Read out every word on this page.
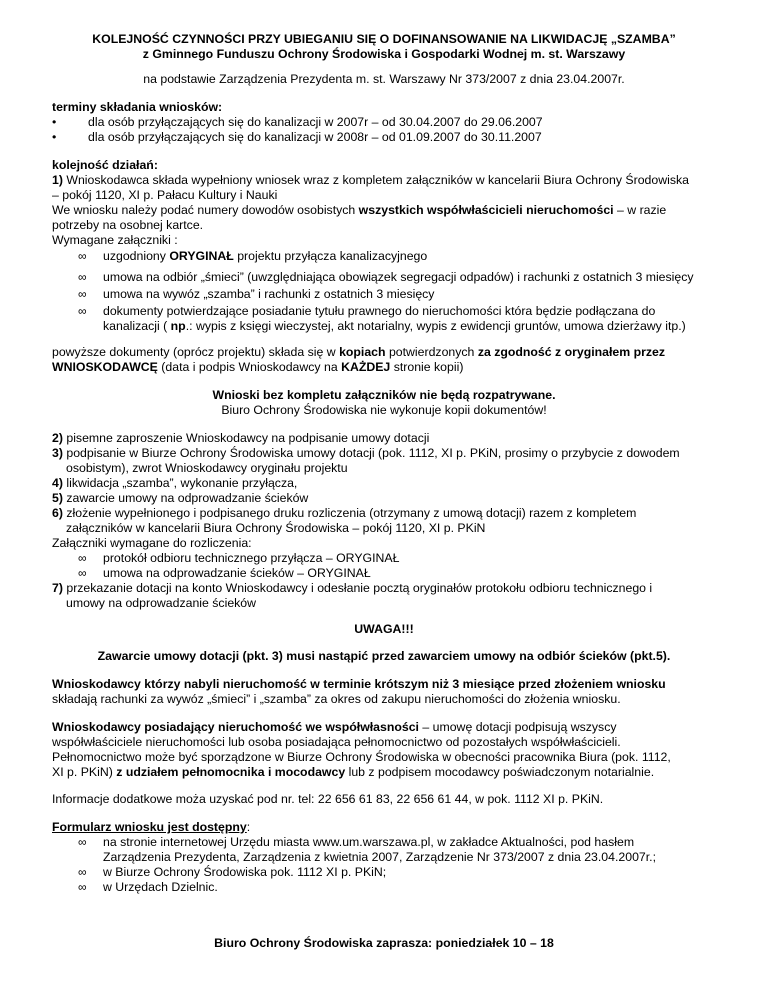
KOLEJNOŚĆ CZYNNOŚCI PRZY UBIEGANIU SIĘ O DOFINANSOWANIE NA LIKWIDACJĘ „SZAMBA”
z Gminnego Funduszu Ochrony Środowiska i Gospodarki Wodnej m. st. Warszawy
na podstawie Zarządzenia Prezydenta m. st. Warszawy Nr 373/2007 z dnia 23.04.2007r.
terminy składania wniosków:
•	dla osób przyłączających się do kanalizacji w 2007r – od 30.04.2007 do 29.06.2007
•	dla osób przyłączających się do kanalizacji w 2008r – od 01.09.2007 do 30.11.2007
kolejność działań:
1) Wnioskodawca składa wypełniony wniosek wraz z kompletem załączników w kancelarii Biura Ochrony Środowiska
– pokój 1120, XI p. Pałacu Kultury i Nauki
We wniosku należy podać numery dowodów osobistych wszystkich współwłaścicieli nieruchomości – w razie
potrzeby na osobnej kartce.
Wymagane załączniki :
∞	uzgodniony ORYGINAŁ projektu przyłącza kanalizacyjnego
∞	umowa na odbiór „śmieci” (uwzględniająca obowiązek segregacji odpadów) i rachunki z ostatnich 3 miesięcy
∞	umowa na wywóz „szamba” i rachunki z ostatnich 3 miesięcy
∞	dokumenty potwierdzające posiadanie tytułu prawnego do nieruchomości która będzie podłączana do
kanalizacji ( np.: wypis z księgi wieczystej, akt notarialny, wypis z ewidencji gruntów, umowa dzierżawy itp.)
powyższe dokumenty (oprócz projektu) składa się w kopiach potwierdzonych za zgodność z oryginałem przez
WNIOSKODAWCĘ (data i podpis Wnioskodawcy na KAŻDEJ stronie kopii)
Wnioski bez kompletu załączników nie będą rozpatrywane.
Biuro Ochrony Środowiska nie wykonuje kopii dokumentów!
2) pisemne zaproszenie Wnioskodawcy na podpisanie umowy dotacji
3) podpisanie w Biurze Ochrony Środowiska umowy dotacji (pok. 1112, XI p. PKiN, prosimy o przybycie z dowodem
osobistym), zwrot Wnioskodawcy oryginału projektu
4) likwidacja „szamba”, wykonanie przyłącza,
5) zawarcie umowy na odprowadzanie ścieków
6) złożenie wypełnionego i podpisanego druku rozliczenia (otrzymany z umową dotacji) razem z kompletem
załączników w kancelarii Biura Ochrony Środowiska – pokój 1120, XI p. PKiN
Załączniki wymagane do rozliczenia:
∞	protokół odbioru technicznego przyłącza – ORYGINAŁ
∞	umowa na odprowadzanie ścieków – ORYGINAŁ
7) przekazanie dotacji na konto Wnioskodawcy i odesłanie pocztą oryginałów protokołu odbioru technicznego i
umowy na odprowadzanie ścieków
UWAGA!!!
Zawarcie umowy dotacji (pkt. 3) musi nastąpić przed zawarciem umowy na odbiór ścieków (pkt.5).
Wnioskodawcy którzy nabyli nieruchomość w terminie krótszym niż 3 miesiące przed złożeniem wniosku
składają rachunki za wywóz „śmieci” i „szamba” za okres od zakupu nieruchomości do złożenia wniosku.
Wnioskodawcy posiadający nieruchomość we współwłasności – umowę dotacji podpisują wszyscy
współwłaściciele nieruchomości lub osoba posiadająca pełnomocnictwo od pozostałych współwłaścicieli.
Pełnomocnictwo może być sporządzone w Biurze Ochrony Środowiska w obecności pracownika Biura (pok. 1112,
XI p. PKiN) z udziałem pełnomocnika i mocodawcy lub z podpisem mocodawcy poświadczonym notarialnie.
Informacje dodatkowe moża uzyskać pod nr. tel: 22 656 61 83, 22 656 61 44, w pok. 1112 XI p. PKiN.
Formularz wniosku jest dostępny:
∞	na stronie internetowej Urzędu miasta www.um.warszawa.pl, w zakładce Aktualności, pod hasłem
Zarządzenia Prezydenta, Zarządzenia z kwietnia 2007, Zarządzenie Nr 373/2007 z dnia 23.04.2007r.;
∞	w Biurze Ochrony Środowiska pok. 1112 XI p. PKiN;
∞	w Urzędach Dzielnic.
Biuro Ochrony Środowiska zaprasza: poniedziałek 10 – 18
